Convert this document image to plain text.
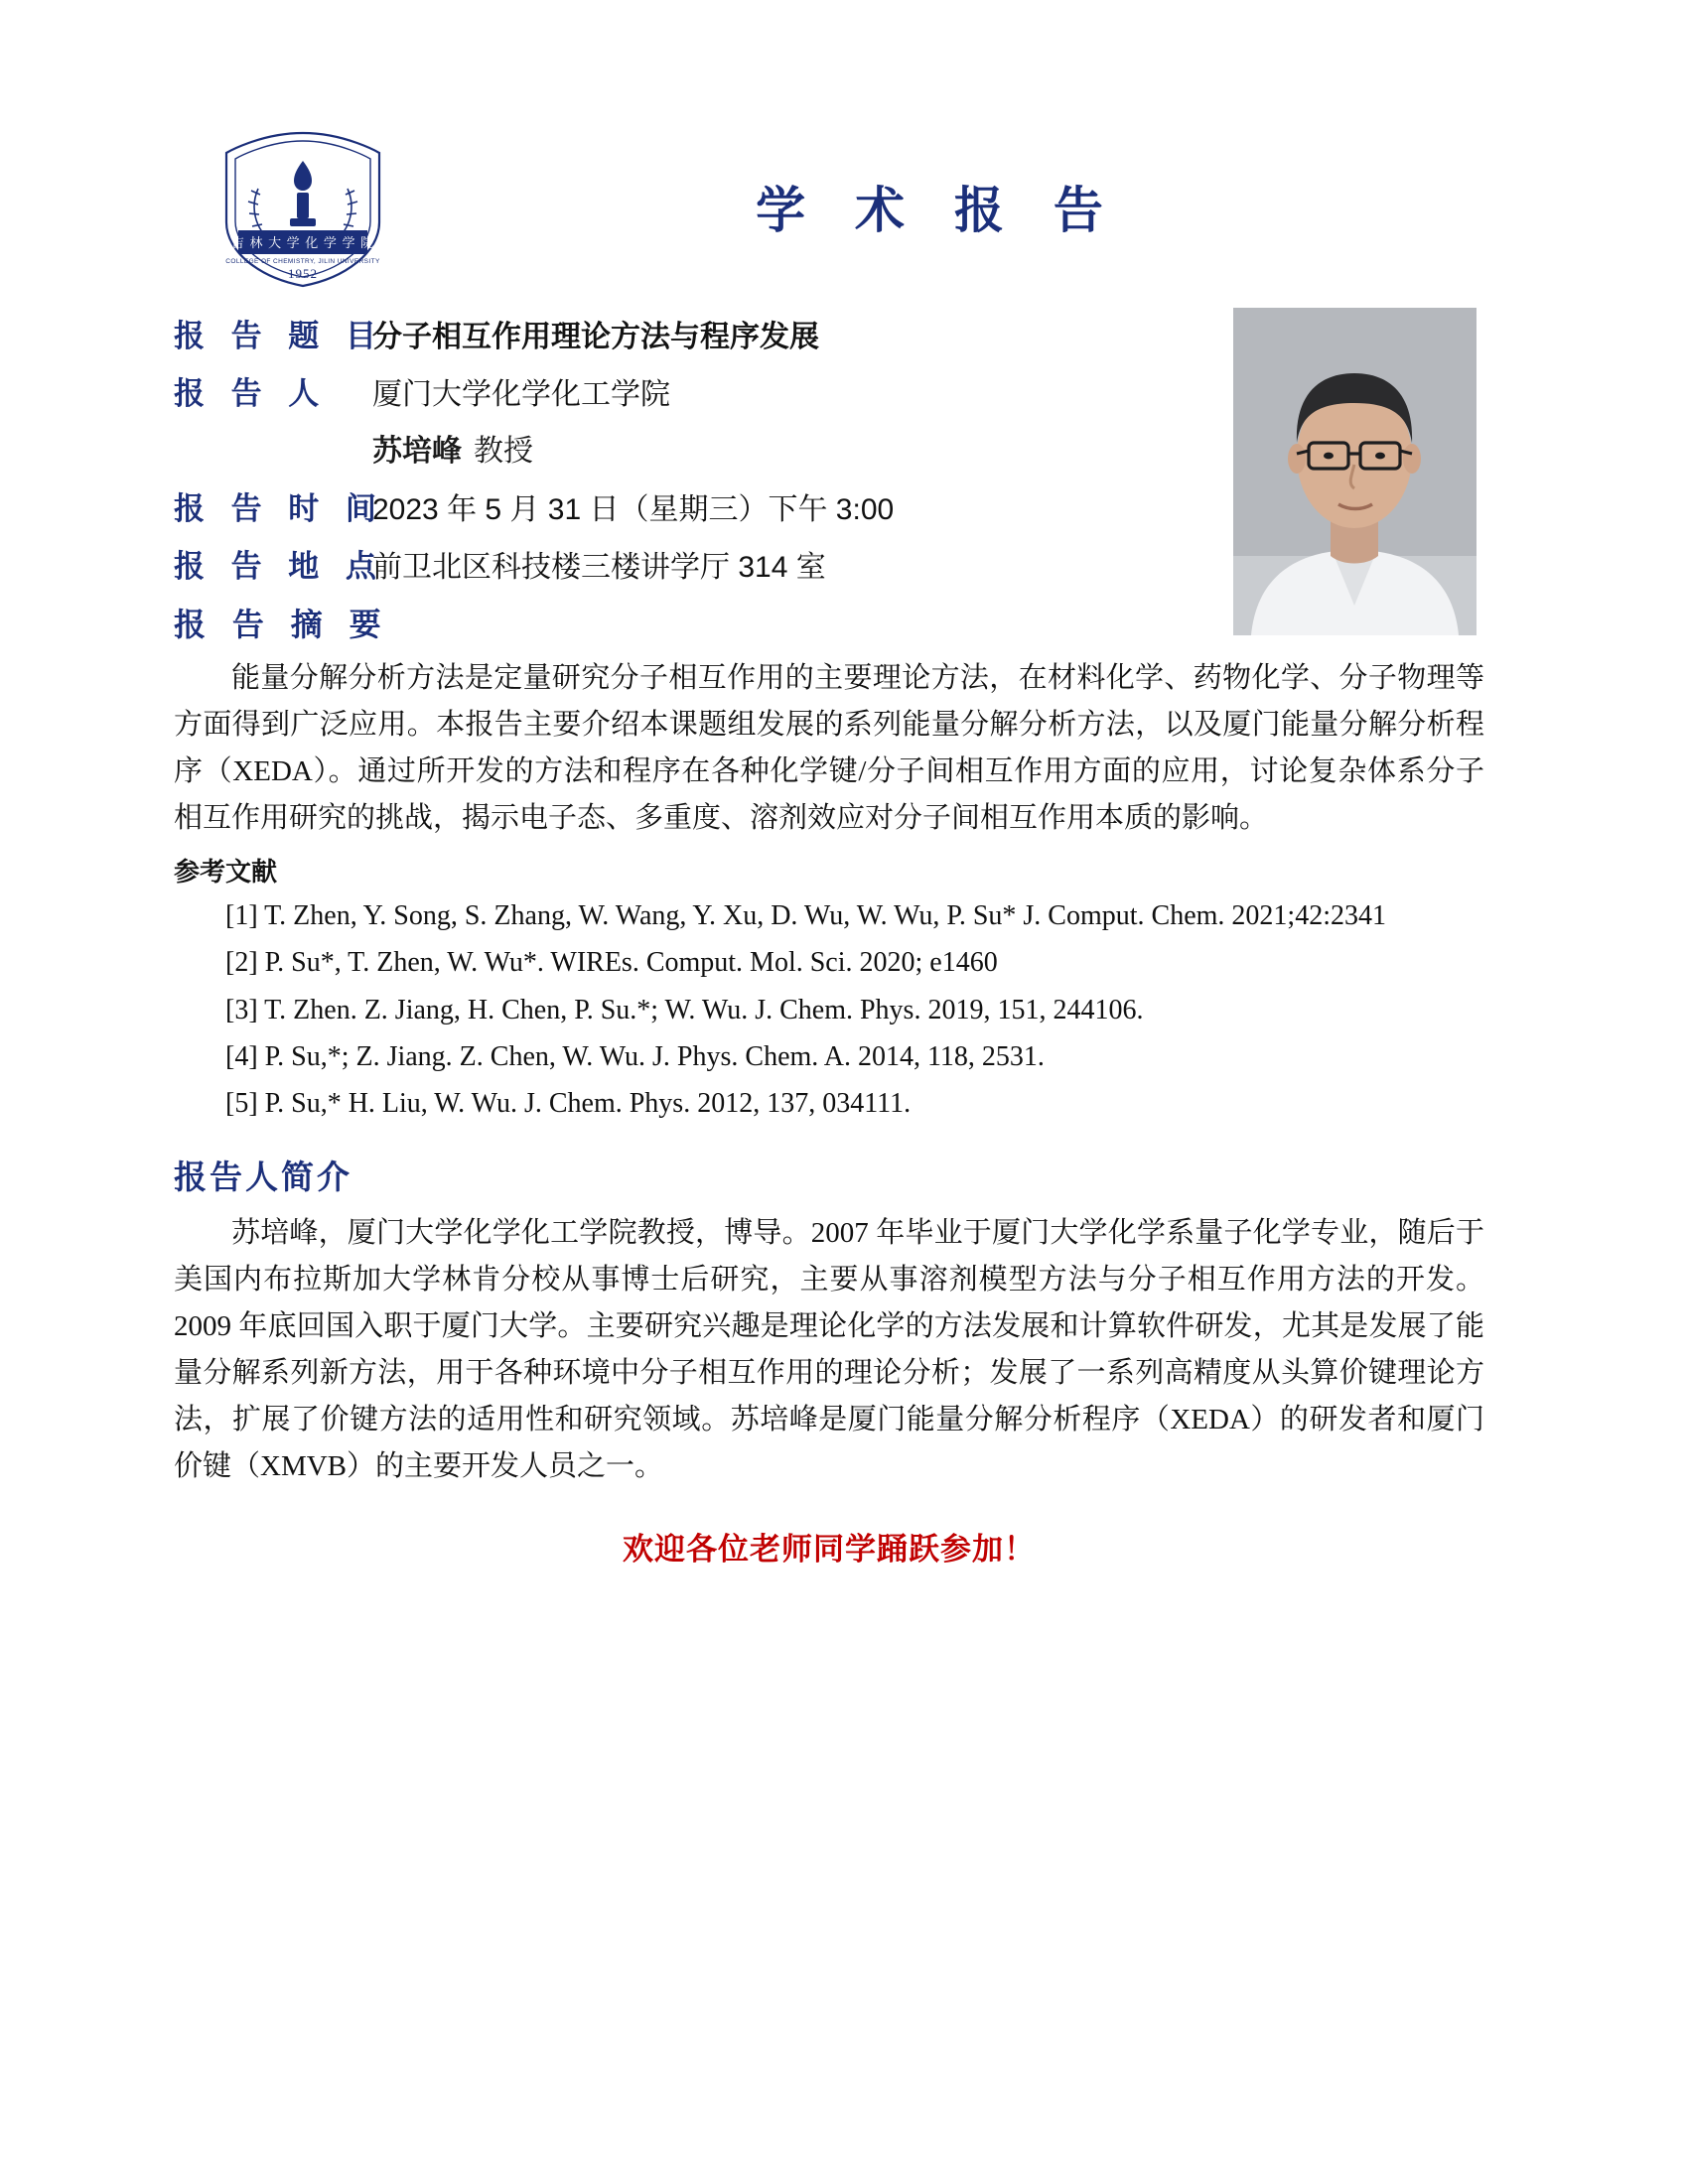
吉 林 大 学 化 学 学 院
COLLEGE OF CHEMISTRY, JILIN UNIVERSITY
1952
学 术 报 告
报 告 题 目
分子相互作用理论方法与程序发展
报 告 人	厦门大学化学化工学院
苏培峰 教授
报 告 时 间
2023 年 5 月 31 日（星期三）下午 3:00
报 告 地 点
前卫北区科技楼三楼讲学厅 314 室
报 告 摘 要

能量分解分析方法是定量研究分子相互作用的主要理论方法，在材料化学、药物化学、分子物理等方面得到广泛应用。本报告主要介绍本课题组发展的系列能量分解分析方法，以及厦门能量分解分析程序（XEDA）。通过所开发的方法和程序在各种化学键/分子间相互作用方面的应用，讨论复杂体系分子相互作用研究的挑战，揭示电子态、多重度、溶剂效应对分子间相互作用本质的影响。

参考文献

[1] T. Zhen, Y. Song, S. Zhang, W. Wang, Y. Xu, D. Wu, W. Wu, P. Su* J. Comput. Chem. 2021;42:2341

[2] P. Su*, T. Zhen, W. Wu*. WIREs. Comput. Mol. Sci. 2020; e1460

[3] T. Zhen. Z. Jiang, H. Chen, P. Su.*; W. Wu. J. Chem. Phys. 2019, 151, 244106.

[4] P. Su,*; Z. Jiang. Z. Chen, W. Wu. J. Phys. Chem. A. 2014, 118, 2531.

[5] P. Su,* H. Liu, W. Wu. J. Chem. Phys. 2012, 137, 034111.

报告人简介

苏培峰，厦门大学化学化工学院教授，博导。2007 年毕业于厦门大学化学系量子化学专业，随后于美国内布拉斯加大学林肯分校从事博士后研究，主要从事溶剂模型方法与分子相互作用方法的开发。2009 年底回国入职于厦门大学。主要研究兴趣是理论化学的方法发展和计算软件研发，尤其是发展了能量分解系列新方法，用于各种环境中分子相互作用的理论分析；发展了一系列高精度从头算价键理论方法，扩展了价键方法的适用性和研究领域。苏培峰是厦门能量分解分析程序（XEDA）的研发者和厦门价键（XMVB）的主要开发人员之一。

欢迎各位老师同学踊跃参加！
